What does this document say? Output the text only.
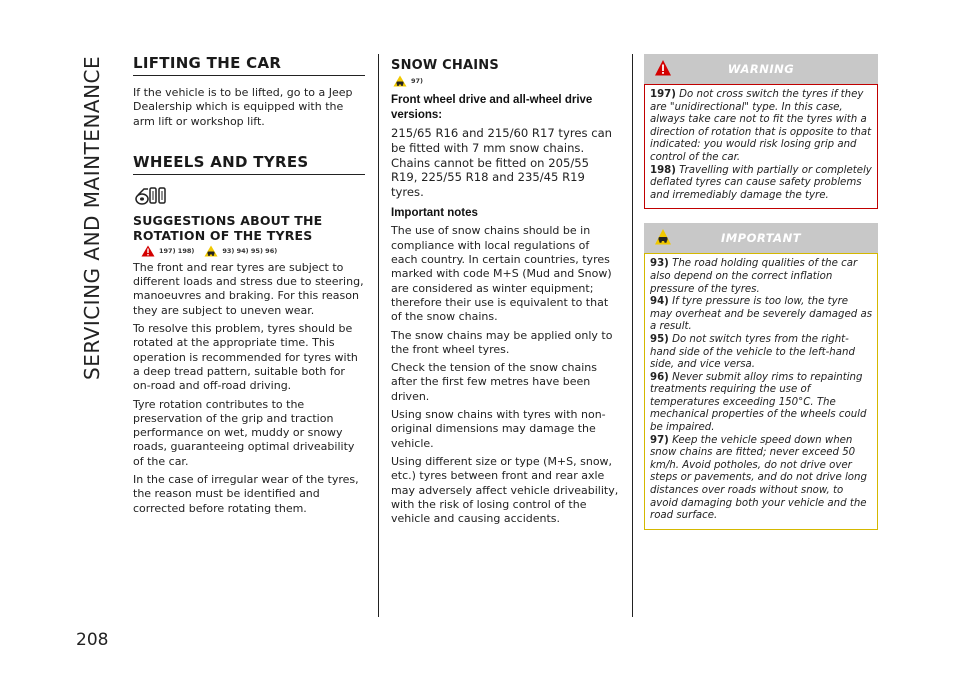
SERVICING AND MAINTENANCE
208
LIFTING THE CAR

If the vehicle is to be lifted, go to a Jeep Dealership which is equipped with the arm lift or workshop lift.

WHEELS AND TYRES
SUGGESTIONS ABOUT THE ROTATION OF THE TYRES
197) 198)	93) 94) 95) 96)

The front and rear tyres are subject to different loads and stress due to steering, manoeuvres and braking. For this reason they are subject to uneven wear.

To resolve this problem, tyres should be rotated at the appropriate time. This operation is recommended for tyres with a deep tread pattern, suitable both for on-road and off-road driving.

Tyre rotation contributes to the preservation of the grip and traction performance on wet, muddy or snowy roads, guaranteeing optimal driveability of the car.

In the case of irregular wear of the tyres, the reason must be identified and corrected before rotating them.

SNOW CHAINS
97)
Front wheel drive and all-wheel drive versions:

215/65 R16 and 215/60 R17 tyres can be fitted with 7 mm snow chains. Chains cannot be fitted on 205/55 R19, 225/55 R18 and 235/45 R19 tyres.

Important notes

The use of snow chains should be in compliance with local regulations of each country. In certain countries, tyres marked with code M+S (Mud and Snow) are considered as winter equipment; therefore their use is equivalent to that of the snow chains.

The snow chains may be applied only to the front wheel tyres.

Check the tension of the snow chains after the first few metres have been driven.

Using snow chains with tyres with non-original dimensions may damage the vehicle.

Using different size or type (M+S, snow, etc.) tyres between front and rear axle may adversely affect vehicle driveability, with the risk of losing control of the vehicle and causing accidents.

WARNING

197) Do not cross switch the tyres if they are "unidirectional" type. In this case, always take care not to fit the tyres with a direction of rotation that is opposite to that indicated: you would risk losing grip and control of the car.

198) Travelling with partially or completely deflated tyres can cause safety problems and irremediably damage the tyre.

IMPORTANT

93) The road holding qualities of the car also depend on the correct inflation pressure of the tyres.

94) If tyre pressure is too low, the tyre may overheat and be severely damaged as a result.

95) Do not switch tyres from the right-hand side of the vehicle to the left-hand side, and vice versa.

96) Never submit alloy rims to repainting treatments requiring the use of temperatures exceeding 150°C. The mechanical properties of the wheels could be impaired.

97) Keep the vehicle speed down when snow chains are fitted; never exceed 50 km/h. Avoid potholes, do not drive over steps or pavements, and do not drive long distances over roads without snow, to avoid damaging both your vehicle and the road surface.
